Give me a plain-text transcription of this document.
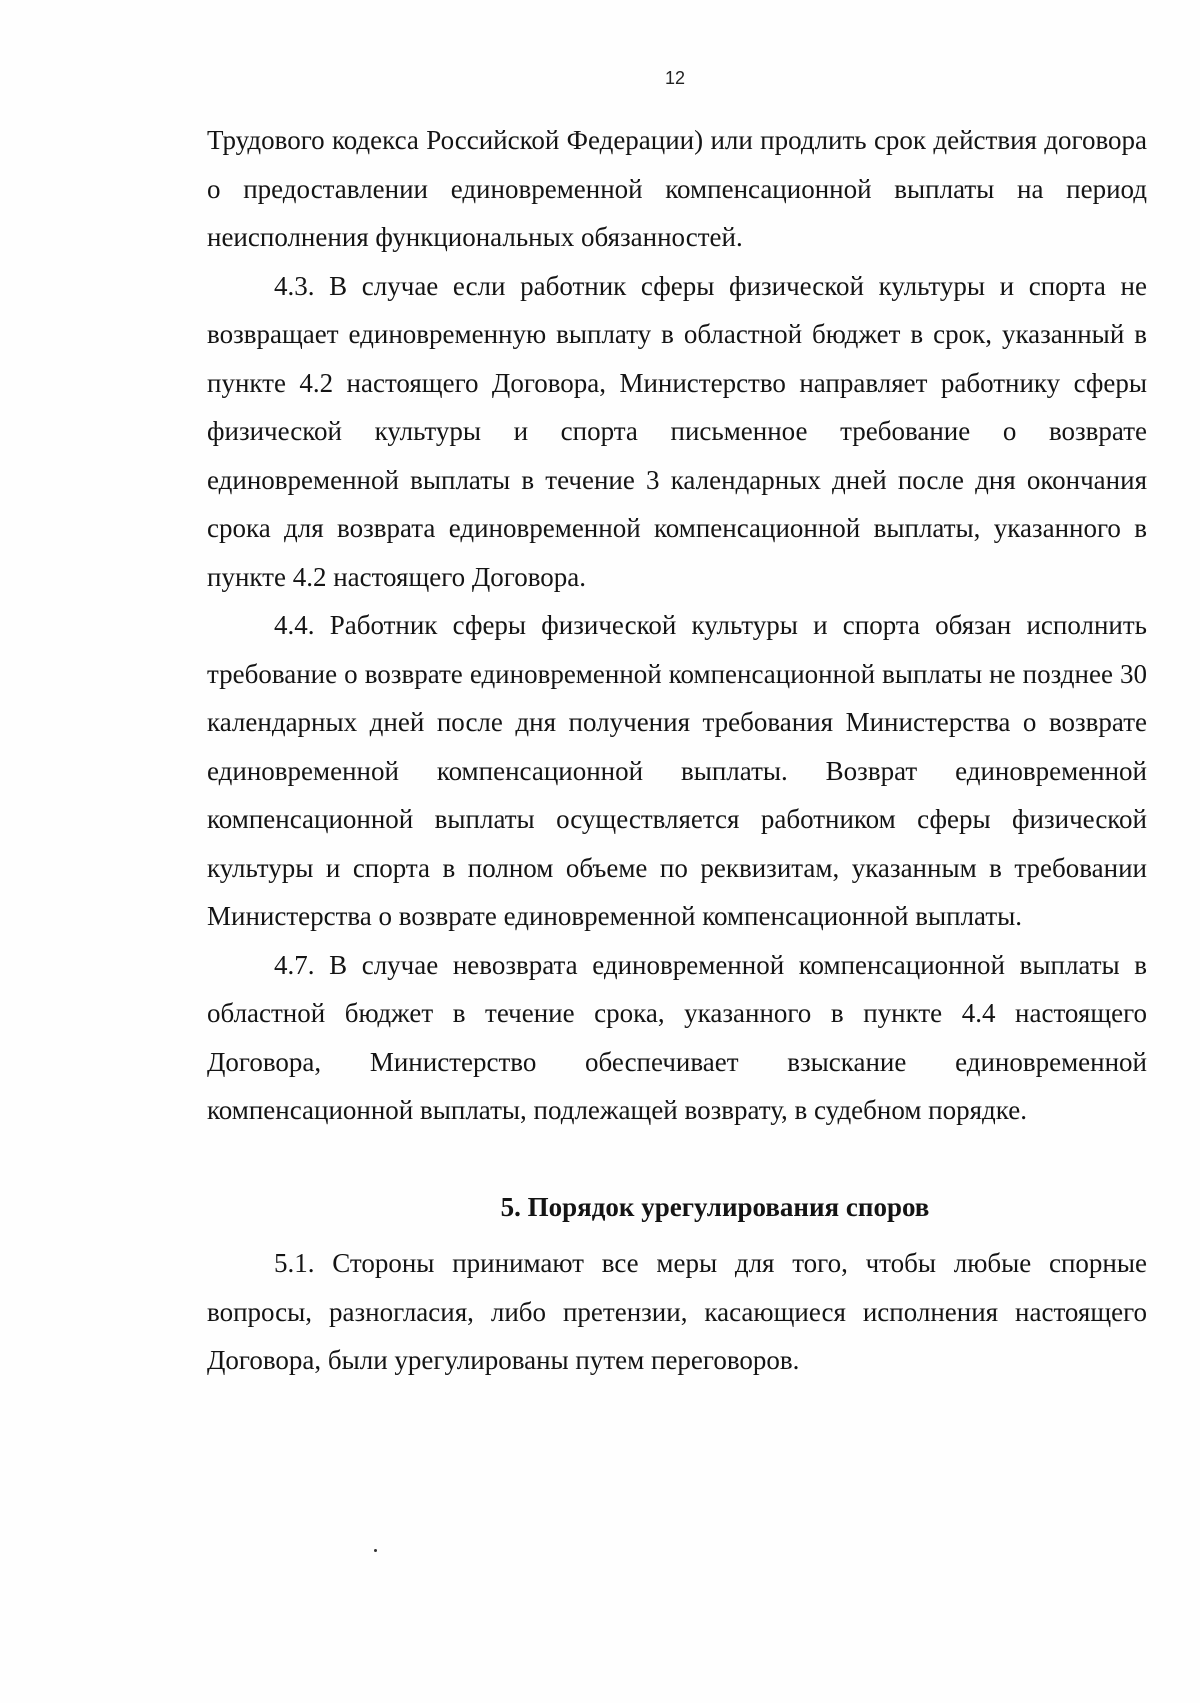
12

Трудового кодекса Российской Федерации) или продлить срок действия договора о предоставлении единовременной компенсационной выплаты на период неисполнения функциональных обязанностей.

4.3. В случае если работник сферы физической культуры и спорта не возвращает единовременную выплату в областной бюджет в срок, указанный в пункте 4.2 настоящего Договора, Министерство направляет работнику сферы физической культуры и спорта письменное требование о возврате единовременной выплаты в течение 3 календарных дней после дня окончания срока для возврата единовременной компенсационной выплаты, указанного в пункте 4.2 настоящего Договора.

4.4. Работник сферы физической культуры и спорта обязан исполнить требование о возврате единовременной компенсационной выплаты не позднее 30 календарных дней после дня получения требования Министерства о возврате единовременной компенсационной выплаты. Возврат единовременной компенсационной выплаты осуществляется работником сферы физической культуры и спорта в полном объеме по реквизитам, указанным в требовании Министерства о возврате единовременной компенсационной выплаты.

4.7. В случае невозврата единовременной компенсационной выплаты в областной бюджет в течение срока, указанного в пункте 4.4 настоящего Договора, Министерство обеспечивает взыскание единовременной компенсационной выплаты, подлежащей возврату, в судебном порядке.

5. Порядок урегулирования споров

5.1. Стороны принимают все меры для того, чтобы любые спорные вопросы, разногласия, либо претензии, касающиеся исполнения настоящего Договора, были урегулированы путем переговоров.
